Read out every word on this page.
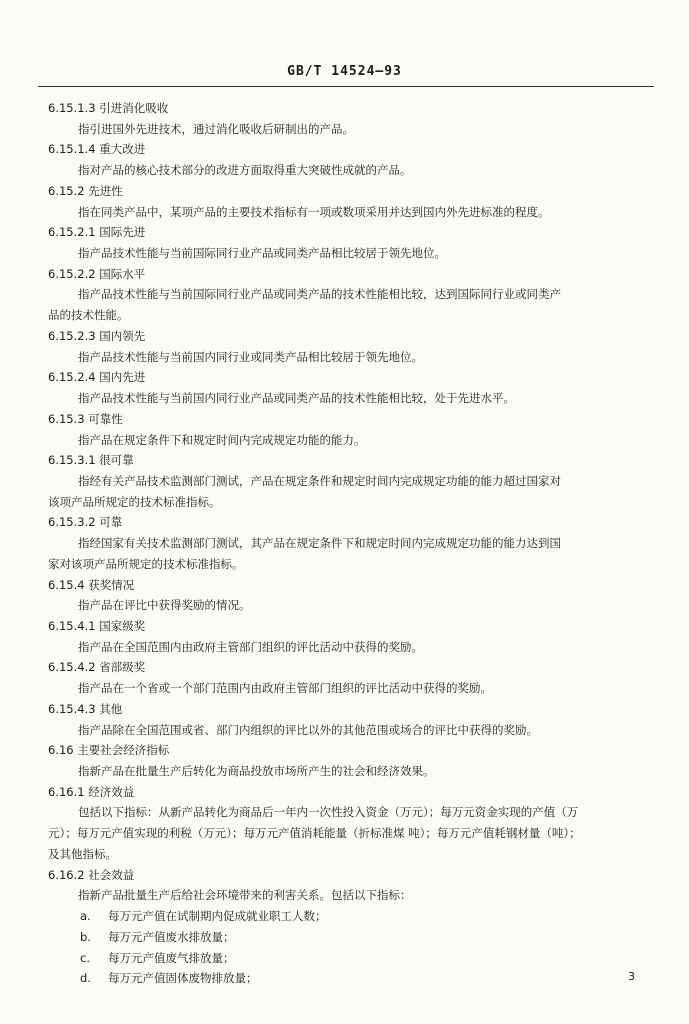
GB/T 14524—93
6.15.1.3 引进消化吸收
指引进国外先进技术，通过消化吸收后研制出的产品。
6.15.1.4 重大改进
指对产品的核心技术部分的改进方面取得重大突破性成就的产品。
6.15.2 先进性
指在同类产品中，某项产品的主要技术指标有一项或数项采用并达到国内外先进标准的程度。
6.15.2.1 国际先进
指产品技术性能与当前国际同行业产品或同类产品相比较居于领先地位。
6.15.2.2 国际水平
指产品技术性能与当前国际同行业产品或同类产品的技术性能相比较，达到国际同行业或同类产
品的技术性能。
6.15.2.3 国内领先
指产品技术性能与当前国内同行业或同类产品相比较居于领先地位。
6.15.2.4 国内先进
指产品技术性能与当前国内同行业产品或同类产品的技术性能相比较，处于先进水平。
6.15.3 可靠性
指产品在规定条件下和规定时间内完成规定功能的能力。
6.15.3.1 很可靠
指经有关产品技术监测部门测试，产品在规定条件和规定时间内完成规定功能的能力超过国家对
该项产品所规定的技术标准指标。
6.15.3.2 可靠
指经国家有关技术监测部门测试，其产品在规定条件下和规定时间内完成规定功能的能力达到国
家对该项产品所规定的技术标准指标。
6.15.4 获奖情况
指产品在评比中获得奖励的情况。
6.15.4.1 国家级奖
指产品在全国范围内由政府主管部门组织的评比活动中获得的奖励。
6.15.4.2 省部级奖
指产品在一个省或一个部门范围内由政府主管部门组织的评比活动中获得的奖励。
6.15.4.3 其他
指产品除在全国范围或省、部门内组织的评比以外的其他范围或场合的评比中获得的奖励。
6.16 主要社会经济指标
指新产品在批量生产后转化为商品投放市场所产生的社会和经济效果。
6.16.1 经济效益
包括以下指标：从新产品转化为商品后一年内一次性投入资金（万元）；每万元资金实现的产值（万
元）；每万元产值实现的利税（万元）；每万元产值消耗能量（折标准煤 吨）；每万元产值耗钢材量（吨）；
及其他指标。
6.16.2 社会效益
指新产品批量生产后给社会环境带来的利害关系。包括以下指标：
a. 每万元产值在试制期内促成就业职工人数；
b. 每万元产值废水排放量；
c. 每万元产值废气排放量；
d. 每万元产值固体废物排放量；	3
